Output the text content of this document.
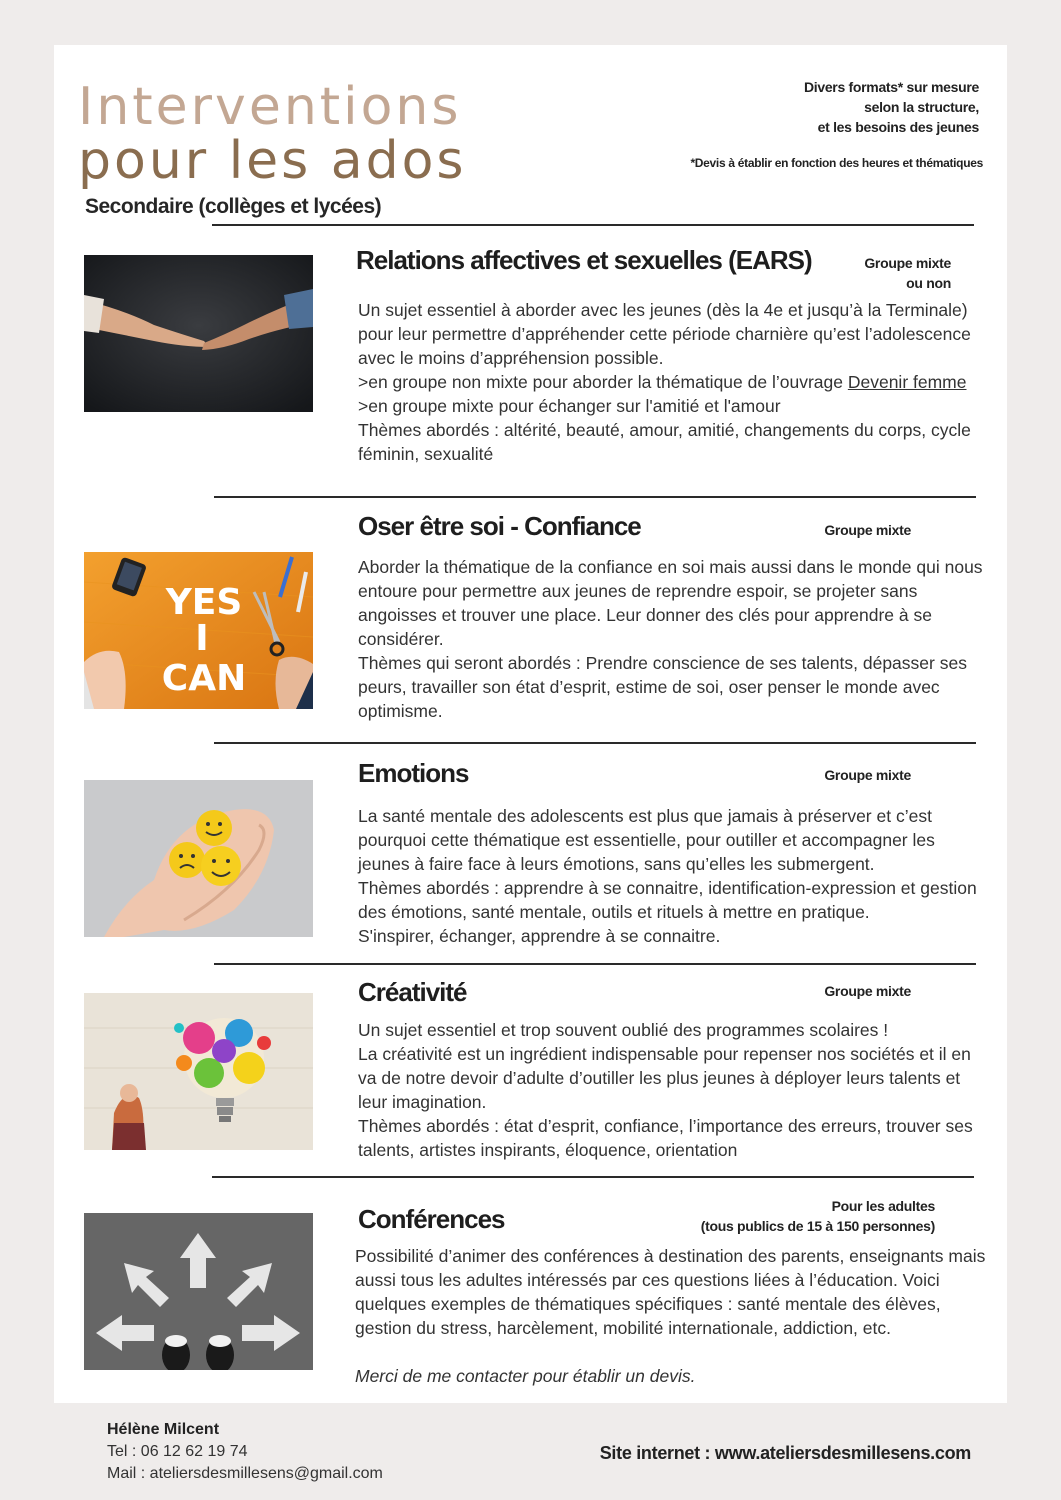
Interventions
pour les ados
Secondaire (collèges et lycées)
Divers formats* sur mesure
selon la structure,
et les besoins des jeunes
*Devis à établir en fonction des heures et thématiques
Relations affectives et sexuelles (EARS)	Groupe mixte
ou non

Un sujet essentiel à aborder avec les jeunes (dès la 4e et jusqu’à la Terminale) pour leur permettre d’appréhender cette période charnière qu’est l’adolescence avec le moins d’appréhension possible.

>en groupe non mixte pour aborder la thématique de l’ouvrage Devenir femme

>en groupe mixte pour échanger sur l'amitié et l'amour

Thèmes abordés : altérité, beauté, amour, amitié, changements du corps, cycle féminin, sexualité

YES
I
CAN
Oser être soi - Confiance	Groupe mixte

Aborder la thématique de la confiance en soi mais aussi dans le monde qui nous entoure pour permettre aux jeunes de reprendre espoir, se projeter sans angoisses et trouver une place. Leur donner des clés pour apprendre à se considérer.

Thèmes qui seront abordés : Prendre conscience de ses talents, dépasser ses peurs, travailler son état d’esprit, estime de soi, oser penser le monde avec optimisme.

Emotions	Groupe mixte

La santé mentale des adolescents est plus que jamais à préserver et c’est pourquoi cette thématique est essentielle, pour outiller et accompagner les jeunes à faire face à leurs émotions, sans qu’elles les submergent.

Thèmes abordés : apprendre à se connaitre, identification-expression et gestion des émotions, santé mentale, outils et rituels à mettre en pratique.

S'inspirer, échanger, apprendre à se connaitre.

Créativité	Groupe mixte

Un sujet essentiel et trop souvent oublié des programmes scolaires !

La créativité est un ingrédient indispensable pour repenser nos sociétés et il en va de notre devoir d’adulte d’outiller les plus jeunes à déployer leurs talents et leur imagination.

Thèmes abordés : état d’esprit, confiance, l’importance des erreurs, trouver ses talents, artistes inspirants, éloquence, orientation

Conférences	Pour les adultes
(tous publics de 15 à 150 personnes)

Possibilité d’animer des conférences à destination des parents, enseignants mais aussi tous les adultes intéressés par ces questions liées à l’éducation. Voici quelques exemples de thématiques spécifiques : santé mentale des élèves, gestion du stress, harcèlement, mobilité internationale, addiction, etc.

Merci de me contacter pour établir un devis.

Hélène Milcent
Tel : 06 12 62 19 74
Mail : ateliersdesmillesens@gmail.com
Site internet : www.ateliersdesmillesens.com
